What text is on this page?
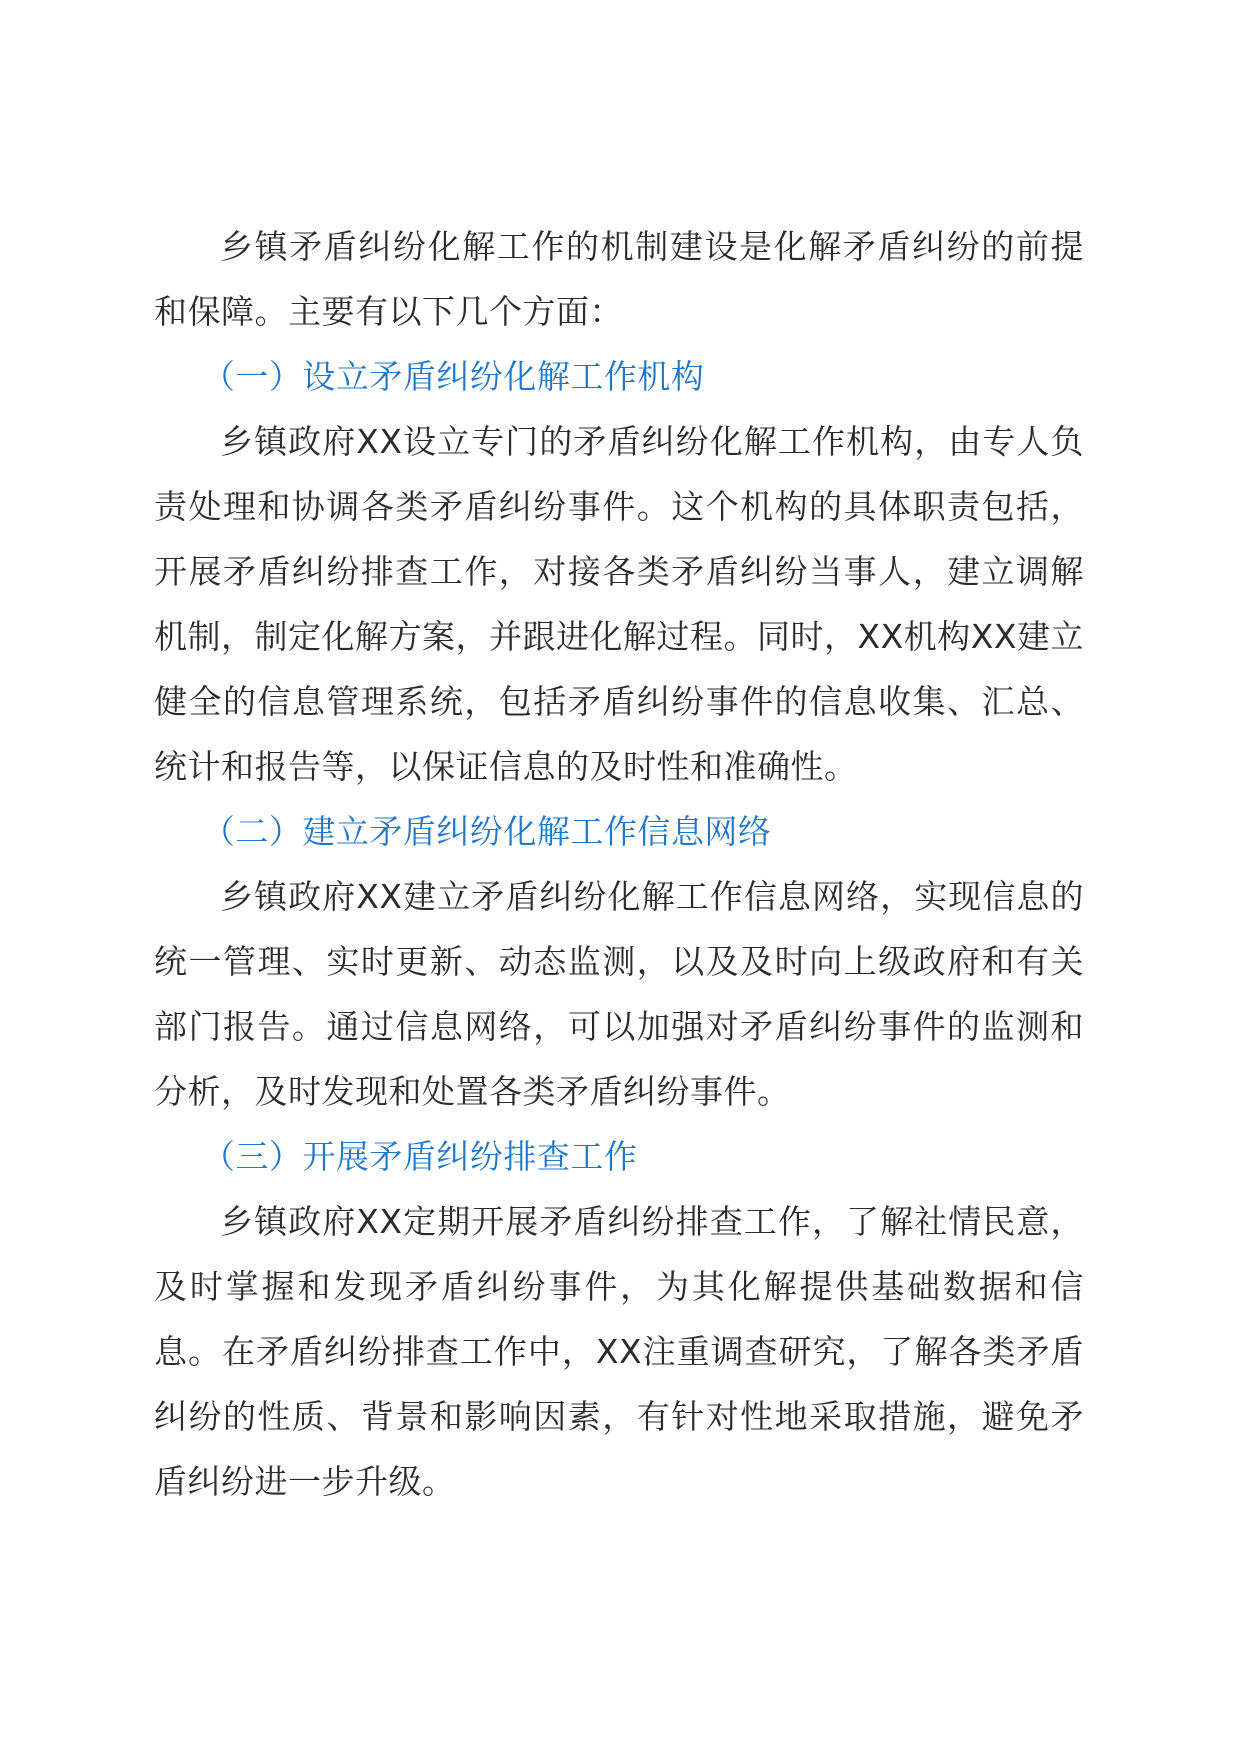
乡镇矛盾纠纷化解工作的机制建设是化解矛盾纠纷的前提和保障。主要有以下几个方面：

（一）设立矛盾纠纷化解工作机构

乡镇政府XX设立专门的矛盾纠纷化解工作机构，由专人负责处理和协调各类矛盾纠纷事件。这个机构的具体职责包括，开展矛盾纠纷排查工作，对接各类矛盾纠纷当事人，建立调解机制，制定化解方案，并跟进化解过程。同时，XX机构XX建立健全的信息管理系统，包括矛盾纠纷事件的信息收集、汇总、统计和报告等，以保证信息的及时性和准确性。

（二）建立矛盾纠纷化解工作信息网络

乡镇政府XX建立矛盾纠纷化解工作信息网络，实现信息的统一管理、实时更新、动态监测，以及及时向上级政府和有关部门报告。通过信息网络，可以加强对矛盾纠纷事件的监测和分析，及时发现和处置各类矛盾纠纷事件。

（三）开展矛盾纠纷排查工作

乡镇政府XX定期开展矛盾纠纷排查工作，了解社情民意，及时掌握和发现矛盾纠纷事件，为其化解提供基础数据和信息。在矛盾纠纷排查工作中，XX注重调查研究，了解各类矛盾纠纷的性质、背景和影响因素，有针对性地采取措施，避免矛盾纠纷进一步升级。
